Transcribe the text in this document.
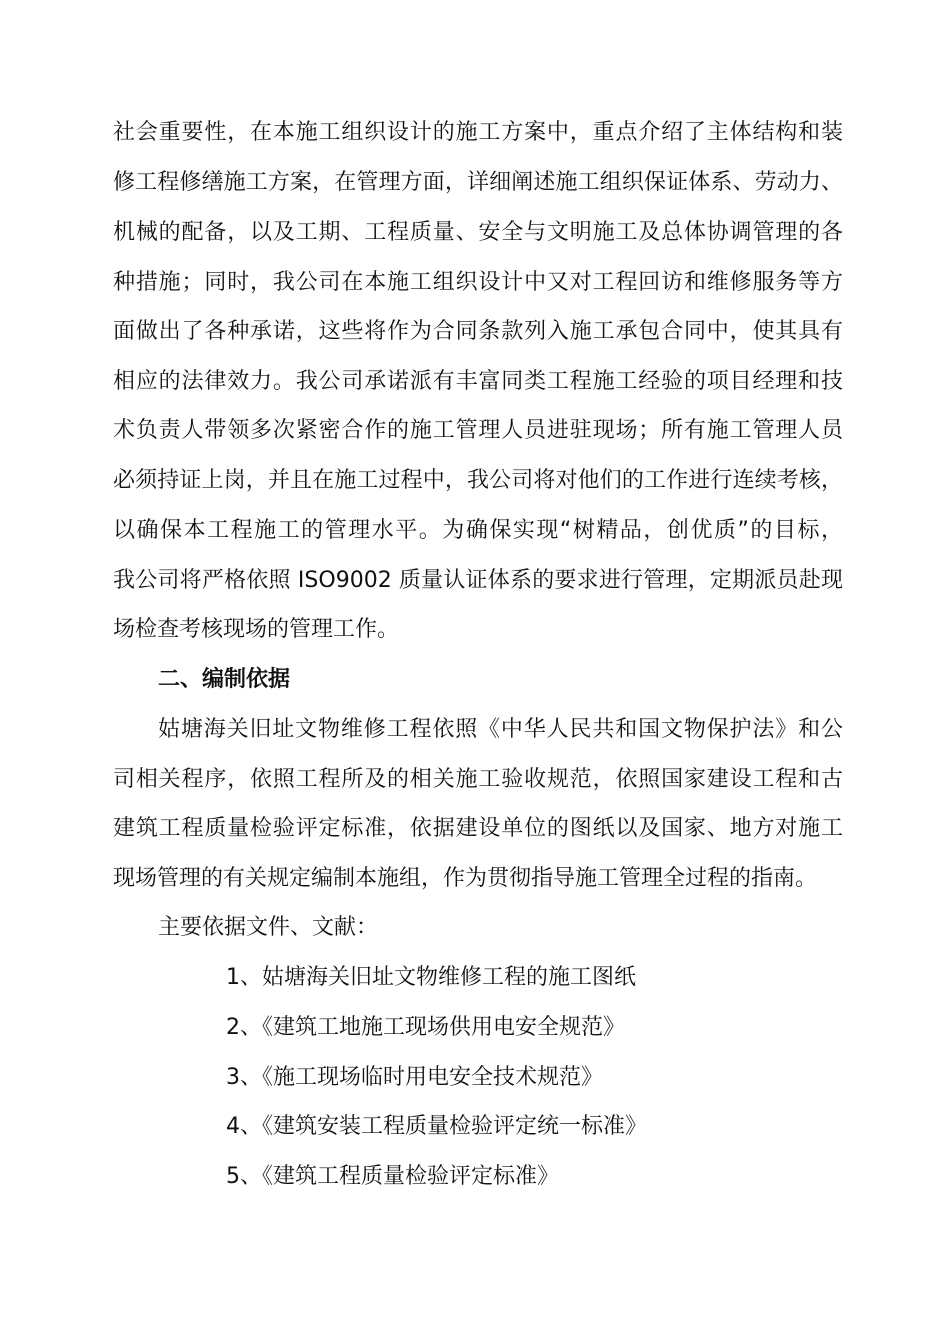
社会重要性，在本施工组织设计的施工方案中，重点介绍了主体结构和装
修工程修缮施工方案，在管理方面，详细阐述施工组织保证体系、劳动力、
机械的配备，以及工期、工程质量、安全与文明施工及总体协调管理的各
种措施；同时，我公司在本施工组织设计中又对工程回访和维修服务等方
面做出了各种承诺，这些将作为合同条款列入施工承包合同中，使其具有
相应的法律效力。我公司承诺派有丰富同类工程施工经验的项目经理和技
术负责人带领多次紧密合作的施工管理人员进驻现场；所有施工管理人员
必须持证上岗，并且在施工过程中，我公司将对他们的工作进行连续考核，
以确保本工程施工的管理水平。为确保实现“树精品，创优质”的目标，
我公司将严格依照 ISO9002 质量认证体系的要求进行管理，定期派员赴现
场检查考核现场的管理工作。
二、编制依据
姑塘海关旧址文物维修工程依照《中华人民共和国文物保护法》和公
司相关程序，依照工程所及的相关施工验收规范，依照国家建设工程和古
建筑工程质量检验评定标准，依据建设单位的图纸以及国家、地方对施工
现场管理的有关规定编制本施组，作为贯彻指导施工管理全过程的指南。
主要依据文件、文献：
1、姑塘海关旧址文物维修工程的施工图纸
2、《建筑工地施工现场供用电安全规范》
3、《施工现场临时用电安全技术规范》
4、《建筑安装工程质量检验评定统一标准》
5、《建筑工程质量检验评定标准》
